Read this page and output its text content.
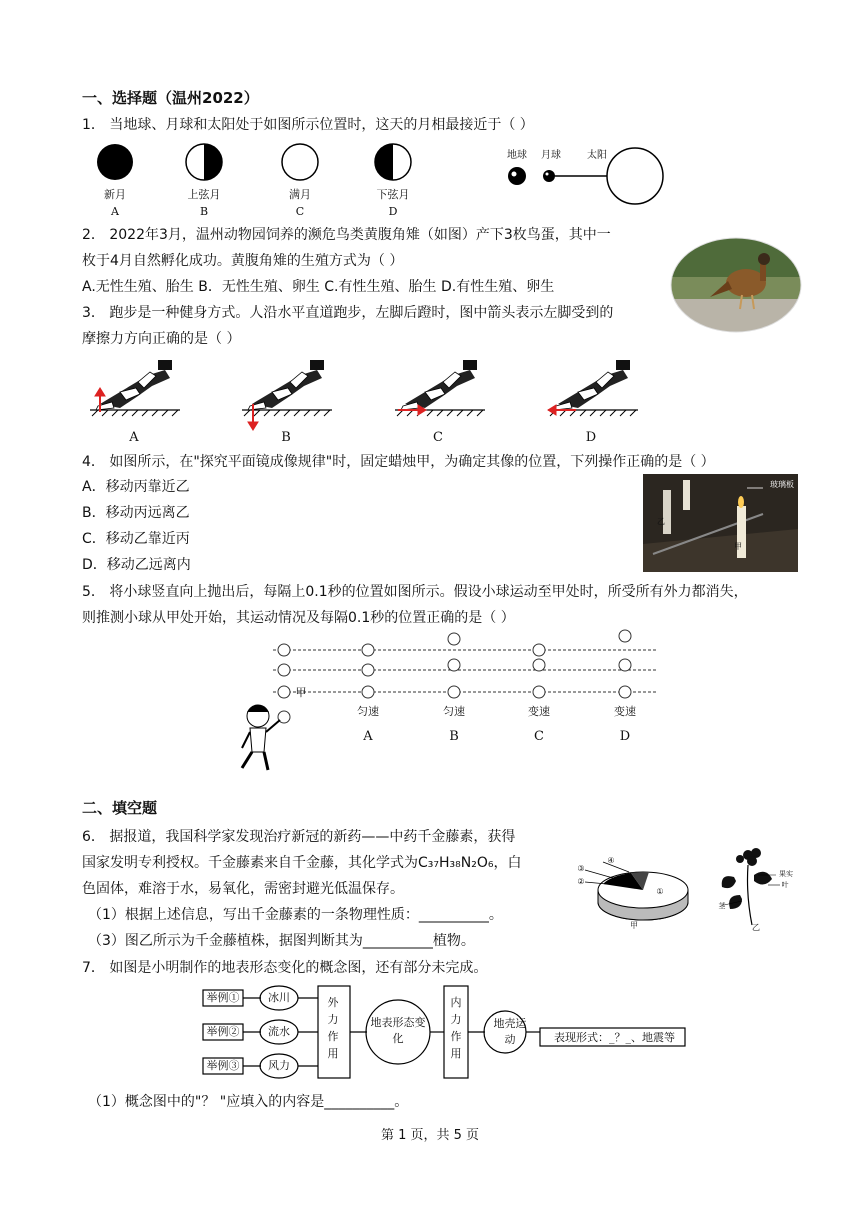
一、选择题（温州2022）
1． 当地球、月球和太阳处于如图所示位置时，这天的月相最接近于（ ）
新月	上弦月	满月	下弦月
A	B	C	D
地球	月球	太阳
2． 2022年3月，温州动物园饲养的濒危鸟类黄腹角雉（如图）产下3枚鸟蛋，其中一
枚于4月自然孵化成功。黄腹角雉的生殖方式为（ ）
A.无性生殖、胎生 B．无性生殖、卵生 C.有性生殖、胎生 D.有性生殖、卵生
3． 跑步是一种健身方式。人沿水平直道跑步，左脚后蹬时，图中箭头表示左脚受到的
摩擦力方向正确的是（ ）
A	B	C	D
4． 如图所示，在"探究平面镜成像规律"时，固定蜡烛甲，为确定其像的位置，下列操作正确的是（ ）
A．移动丙靠近乙
B．移动丙远离乙
C．移动乙靠近丙
D．移动乙远离内
玻璃板
乙
甲
5． 将小球竖直向上抛出后，每隔上0.1秒的位置如图所示。假设小球运动至甲处时，所受所有外力都消失，
则推测小球从甲处开始，其运动情况及每隔0.1秒的位置正确的是（ ）
甲
匀速	匀速	变速	变速
A	B	C	D
二、填空题
6． 据报道，我国科学家发现治疗新冠的新药——中药千金藤素，获得
国家发明专利授权。千金藤素来自千金藤，其化学式为C₃₇H₃₈N₂O₆，白
色固体，难溶于水，易氧化，需密封避光低温保存。
（1）根据上述信息，写出千金藤素的一条物理性质：__________。
（3）图乙所示为千金藤植株，据图判断其为__________植物。
④
③
②
①
甲
果实
叶
茎
乙
7． 如图是小明制作的地表形态变化的概念图，还有部分未完成。
举例①
举例②
举例③
冰川
流水
风力
外力作用
地表形态变化
内力作用
地壳运动	表现形式：_？_、地震等
（1）概念图中的"？ "应填入的内容是__________。
第 1 页，共 5 页
